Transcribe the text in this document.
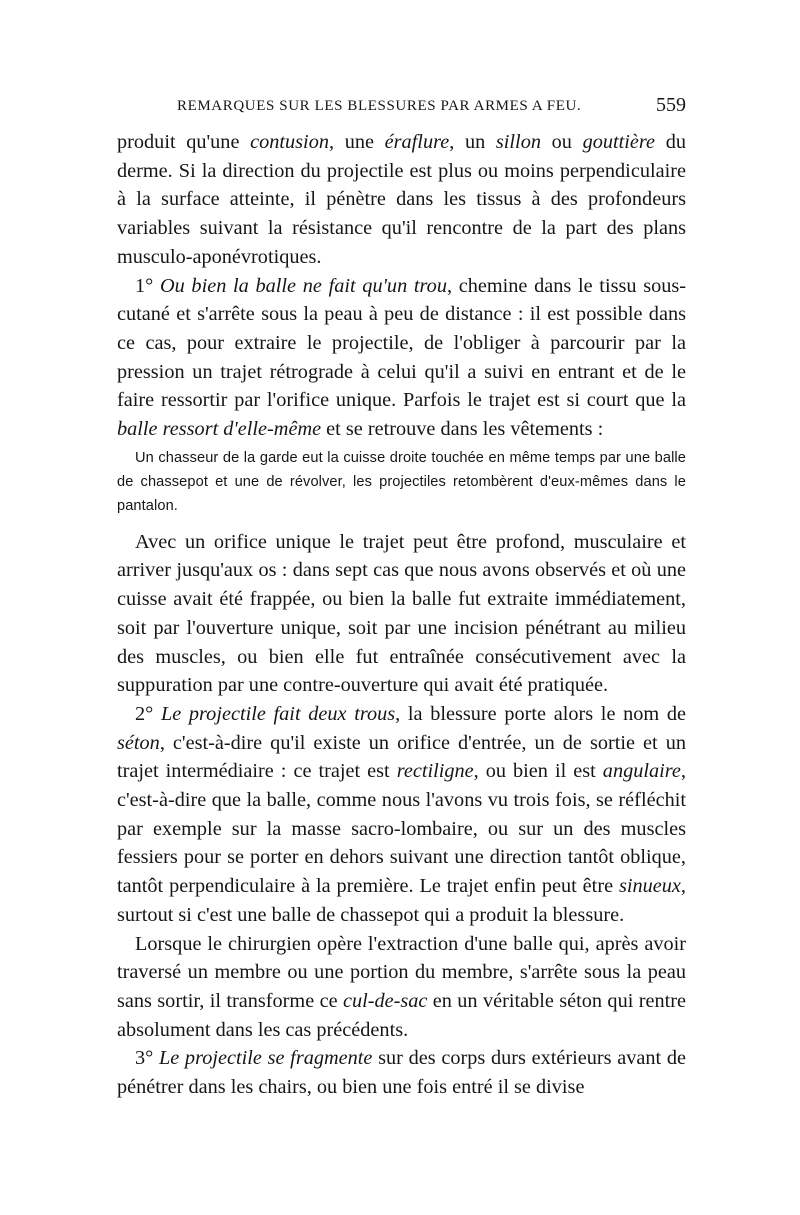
REMARQUES SUR LES BLESSURES PAR ARMES A FEU.	559

produit qu'une contusion, une éraflure, un sillon ou gouttière du derme. Si la direction du projectile est plus ou moins perpendiculaire à la surface atteinte, il pénètre dans les tissus à des profondeurs variables suivant la résistance qu'il rencontre de la part des plans musculo-aponévrotiques.

1° Ou bien la balle ne fait qu'un trou, chemine dans le tissu sous-cutané et s'arrête sous la peau à peu de distance : il est possible dans ce cas, pour extraire le projectile, de l'obliger à parcourir par la pression un trajet rétrograde à celui qu'il a suivi en entrant et de le faire ressortir par l'orifice unique. Parfois le trajet est si court que la balle ressort d'elle-même et se retrouve dans les vêtements :

Un chasseur de la garde eut la cuisse droite touchée en même temps par une balle de chassepot et une de révolver, les projectiles retombèrent d'eux-mêmes dans le pantalon.

Avec un orifice unique le trajet peut être profond, musculaire et arriver jusqu'aux os : dans sept cas que nous avons observés et où une cuisse avait été frappée, ou bien la balle fut extraite immédiatement, soit par l'ouverture unique, soit par une incision pénétrant au milieu des muscles, ou bien elle fut entraînée consécutivement avec la suppuration par une contre-ouverture qui avait été pratiquée.

2° Le projectile fait deux trous, la blessure porte alors le nom de séton, c'est-à-dire qu'il existe un orifice d'entrée, un de sortie et un trajet intermédiaire : ce trajet est rectiligne, ou bien il est angulaire, c'est-à-dire que la balle, comme nous l'avons vu trois fois, se réfléchit par exemple sur la masse sacro-lombaire, ou sur un des muscles fessiers pour se porter en dehors suivant une direction tantôt oblique, tantôt perpendiculaire à la première. Le trajet enfin peut être sinueux, surtout si c'est une balle de chassepot qui a produit la blessure.

Lorsque le chirurgien opère l'extraction d'une balle qui, après avoir traversé un membre ou une portion du membre, s'arrête sous la peau sans sortir, il transforme ce cul-de-sac en un véritable séton qui rentre absolument dans les cas précédents.

3° Le projectile se fragmente sur des corps durs extérieurs avant de pénétrer dans les chairs, ou bien une fois entré il se divise
